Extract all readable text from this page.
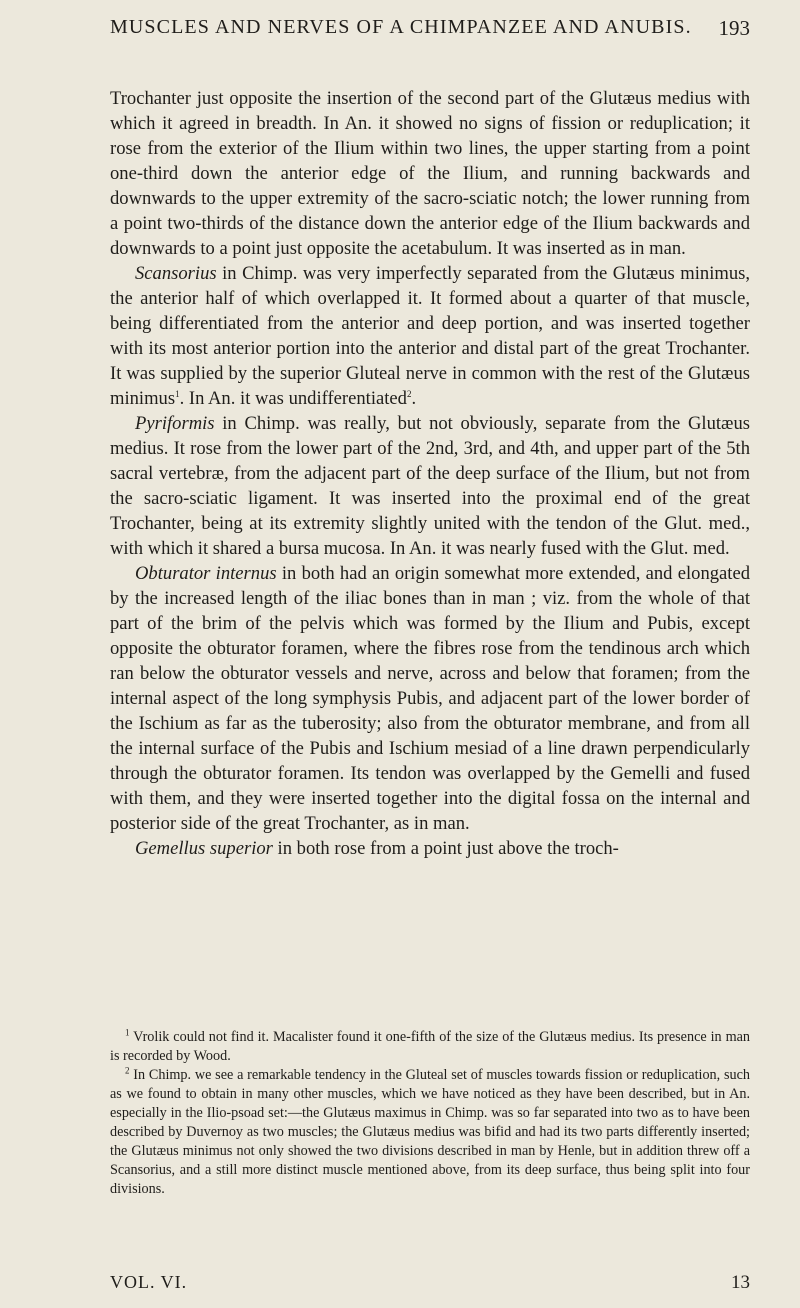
MUSCLES AND NERVES OF A CHIMPANZEE AND ANUBIS. 193

Trochanter just opposite the insertion of the second part of the Glutæus medius with which it agreed in breadth. In An. it showed no signs of fission or reduplication; it rose from the exterior of the Ilium within two lines, the upper starting from a point one-third down the anterior edge of the Ilium, and running backwards and downwards to the upper extremity of the sacro-sciatic notch; the lower running from a point two-thirds of the distance down the anterior edge of the Ilium backwards and downwards to a point just opposite the acetabulum. It was inserted as in man.

Scansorius in Chimp. was very imperfectly separated from the Glutæus minimus, the anterior half of which overlapped it. It formed about a quarter of that muscle, being differentiated from the anterior and deep portion, and was inserted together with its most anterior portion into the anterior and distal part of the great Trochanter. It was supplied by the superior Gluteal nerve in common with the rest of the Glutæus minimus$^1$. In An. it was undifferentiated$^2$.

Pyriformis in Chimp. was really, but not obviously, separate from the Glutæus medius. It rose from the lower part of the 2nd, 3rd, and 4th, and upper part of the 5th sacral vertebræ, from the adjacent part of the deep surface of the Ilium, but not from the sacro-sciatic ligament. It was inserted into the proximal end of the great Trochanter, being at its extremity slightly united with the tendon of the Glut. med., with which it shared a bursa mucosa. In An. it was nearly fused with the Glut. med.

Obturator internus in both had an origin somewhat more extended, and elongated by the increased length of the iliac bones than in man ; viz. from the whole of that part of the brim of the pelvis which was formed by the Ilium and Pubis, except opposite the obturator foramen, where the fibres rose from the tendinous arch which ran below the obturator vessels and nerve, across and below that foramen; from the internal aspect of the long symphysis Pubis, and adjacent part of the lower border of the Ischium as far as the tuberosity; also from the obturator membrane, and from all the internal surface of the Pubis and Ischium mesiad of a line drawn perpendicularly through the obturator foramen. Its tendon was overlapped by the Gemelli and fused with them, and they were inserted together into the digital fossa on the internal and posterior side of the great Trochanter, as in man.

Gemellus superior in both rose from a point just above the troch-

$^1$ Vrolik could not find it. Macalister found it one-fifth of the size of the Glutæus medius. Its presence in man is recorded by Wood.

$^2$ In Chimp. we see a remarkable tendency in the Gluteal set of muscles towards fission or reduplication, such as we found to obtain in many other muscles, which we have noticed as they have been described, but in An. especially in the Ilio-psoad set:—the Glutæus maximus in Chimp. was so far separated into two as to have been described by Duvernoy as two muscles; the Glutæus medius was bifid and had its two parts differently inserted; the Glutæus minimus not only showed the two divisions described in man by Henle, but in addition threw off a Scansorius, and a still more distinct muscle mentioned above, from its deep surface, thus being split into four divisions.

VOL. VI.	13
